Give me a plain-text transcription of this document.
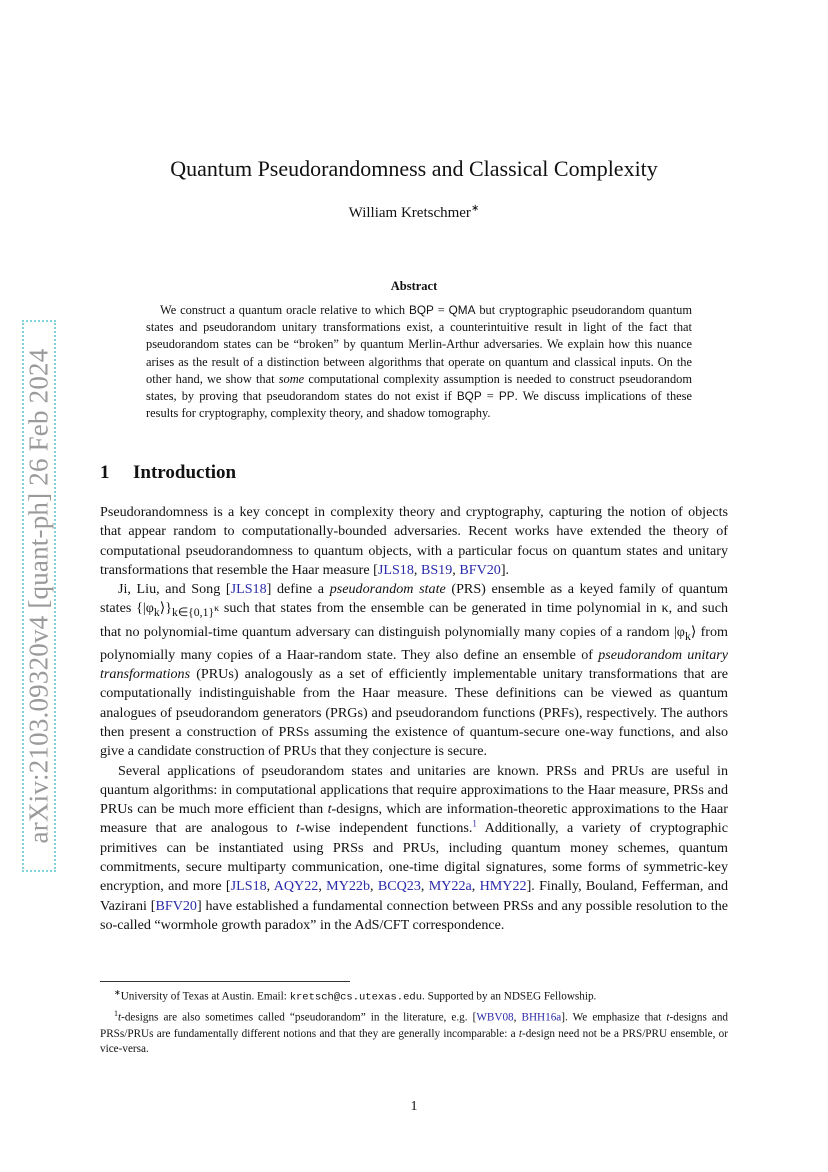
arXiv:2103.09320v4 [quant-ph] 26 Feb 2024
Quantum Pseudorandomness and Classical Complexity
William Kretschmer∗
Abstract
We construct a quantum oracle relative to which BQP = QMA but cryptographic pseudorandom quantum states and pseudorandom unitary transformations exist, a counterintuitive result in light of the fact that pseudorandom states can be “broken” by quantum Merlin-Arthur adversaries. We explain how this nuance arises as the result of a distinction between algorithms that operate on quantum and classical inputs. On the other hand, we show that some computational complexity assumption is needed to construct pseudorandom states, by proving that pseudorandom states do not exist if BQP = PP. We discuss implications of these results for cryptography, complexity theory, and shadow tomography.
1 Introduction

Pseudorandomness is a key concept in complexity theory and cryptography, capturing the notion of objects that appear random to computationally-bounded adversaries. Recent works have extended the theory of computational pseudorandomness to quantum objects, with a particular focus on quantum states and unitary transformations that resemble the Haar measure [JLS18, BS19, BFV20].

Ji, Liu, and Song [JLS18] define a pseudorandom state (PRS) ensemble as a keyed family of quantum states $\{|\varphi_k⟩\}_{k\in\{0,1\}^\kappa}$ such that states from the ensemble can be generated in time polynomial in κ, and such that no polynomial-time quantum adversary can distinguish polynomially many copies of a random $|\varphi_k⟩$ from polynomially many copies of a Haar-random state. They also define an ensemble of pseudorandom unitary transformations (PRUs) analogously as a set of efficiently implementable unitary transformations that are computationally indistinguishable from the Haar measure. These definitions can be viewed as quantum analogues of pseudorandom generators (PRGs) and pseudorandom functions (PRFs), respectively. The authors then present a construction of PRSs assuming the existence of quantum-secure one-way functions, and also give a candidate construction of PRUs that they conjecture is secure.

Several applications of pseudorandom states and unitaries are known. PRSs and PRUs are useful in quantum algorithms: in computational applications that require approximations to the Haar measure, PRSs and PRUs can be much more efficient than t-designs, which are information-theoretic approximations to the Haar measure that are analogous to t-wise independent functions.$^1$ Additionally, a variety of cryptographic primitives can be instantiated using PRSs and PRUs, including quantum money schemes, quantum commitments, secure multiparty communication, one-time digital signatures, some forms of symmetric-key encryption, and more [JLS18, AQY22, MY22b, BCQ23, MY22a, HMY22]. Finally, Bouland, Fefferman, and Vazirani [BFV20] have established a fundamental connection between PRSs and any possible resolution to the so-called “wormhole growth paradox” in the AdS/CFT correspondence.

∗University of Texas at Austin. Email: kretsch@cs.utexas.edu. Supported by an NDSEG Fellowship.

$^1$t-designs are also sometimes called “pseudorandom” in the literature, e.g. [WBV08, BHH16a]. We emphasize that t-designs and PRSs/PRUs are fundamentally different notions and that they are generally incomparable: a t-design need not be a PRS/PRU ensemble, or vice-versa.

1
